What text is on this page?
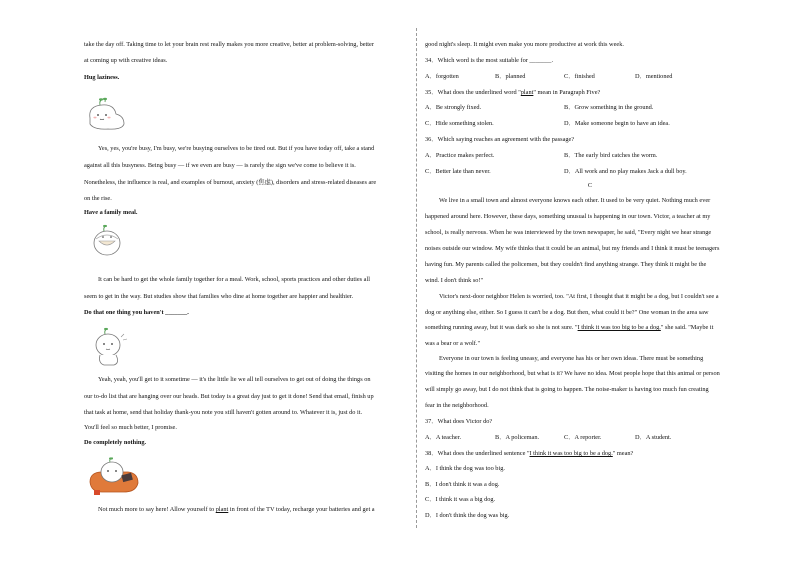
take the day off. Taking time to let your brain rest really makes you more creative, better at problem-solving, better
at coming up with creative ideas.
Hug laziness.
Yes, yes, you're busy, I'm busy, we're busying ourselves to be tired out. But if you have today off, take a stand
against all this busyness. Being busy — if we even are busy — is rarely the sign we've come to believe it is.
Nonetheless, the influence is real, and examples of burnout, anxiety (焦虑), disorders and stress-related diseases are
on the rise.
Have a family meal.
It can be hard to get the whole family together for a meal. Work, school, sports practices and other duties all
seem to get in the way. But studies show that families who dine at home together are happier and healthier.
Do that one thing you haven't _______.
Yeah, yeah, you'll get to it sometime — it's the little lie we all tell ourselves to get out of doing the things on
our to-do list that are hanging over our heads. But today is a great day just to get it done! Send that email, finish up
that task at home, send that holiday thank-you note you still haven't gotten around to. Whatever it is, just do it.
You'll feel so much better, I promise.
Do completely nothing.
Not much more to say here! Allow yourself to plant in front of the TV today, recharge your batteries and get a
good night's sleep. It might even make you more productive at work this week.
34．Which word is the most suitable for _______.
A．forgotten	B．planned	C．finished	D．mentioned
35．What does the underlined word "plant" mean in Paragraph Five?
A．Be strongly fixed.	B．Grow something in the ground.
C．Hide something stolen.	D．Make someone begin to have an idea.
36．Which saying reaches an agreement with the passage?
A．Practice makes perfect.	B．The early bird catches the worm.
C．Better late than never.	D．All work and no play makes Jack a dull boy.
C
We live in a small town and almost everyone knows each other. It used to be very quiet. Nothing much ever
happened around here. However, these days, something unusual is happening in our town. Victor, a teacher at my
school, is really nervous. When he was interviewed by the town newspaper, he said, "Every night we hear strange
noises outside our window. My wife thinks that it could be an animal, but my friends and I think it must be teenagers
having fun. My parents called the policemen, but they couldn't find anything strange. They think it might be the
wind. I don't think so!"
Victor's next-door neighbor Helen is worried, too. "At first, I thought that it might be a dog, but I couldn't see a
dog or anything else, either. So I guess it can't be a dog. But then, what could it be?" One woman in the area saw
something running away, but it was dark so she is not sure. "I think it was too big to be a dog." she said. "Maybe it
was a bear or a wolf."
Everyone in our town is feeling uneasy, and everyone has his or her own ideas. There must be something
visiting the homes in our neighborhood, but what is it? We have no idea. Most people hope that this animal or person
will simply go away, but I do not think that is going to happen. The noise-maker is having too much fun creating
fear in the neighborhood.
37．What does Victor do?
A．A teacher.	B．A policeman.	C．A reporter.	D．A student.
38．What does the underlined sentence "I think it was too big to be a dog." mean?
A．I think the dog was too big.
B．I don't think it was a dog.
C．I think it was a big dog.
D．I don't think the dog was big.
